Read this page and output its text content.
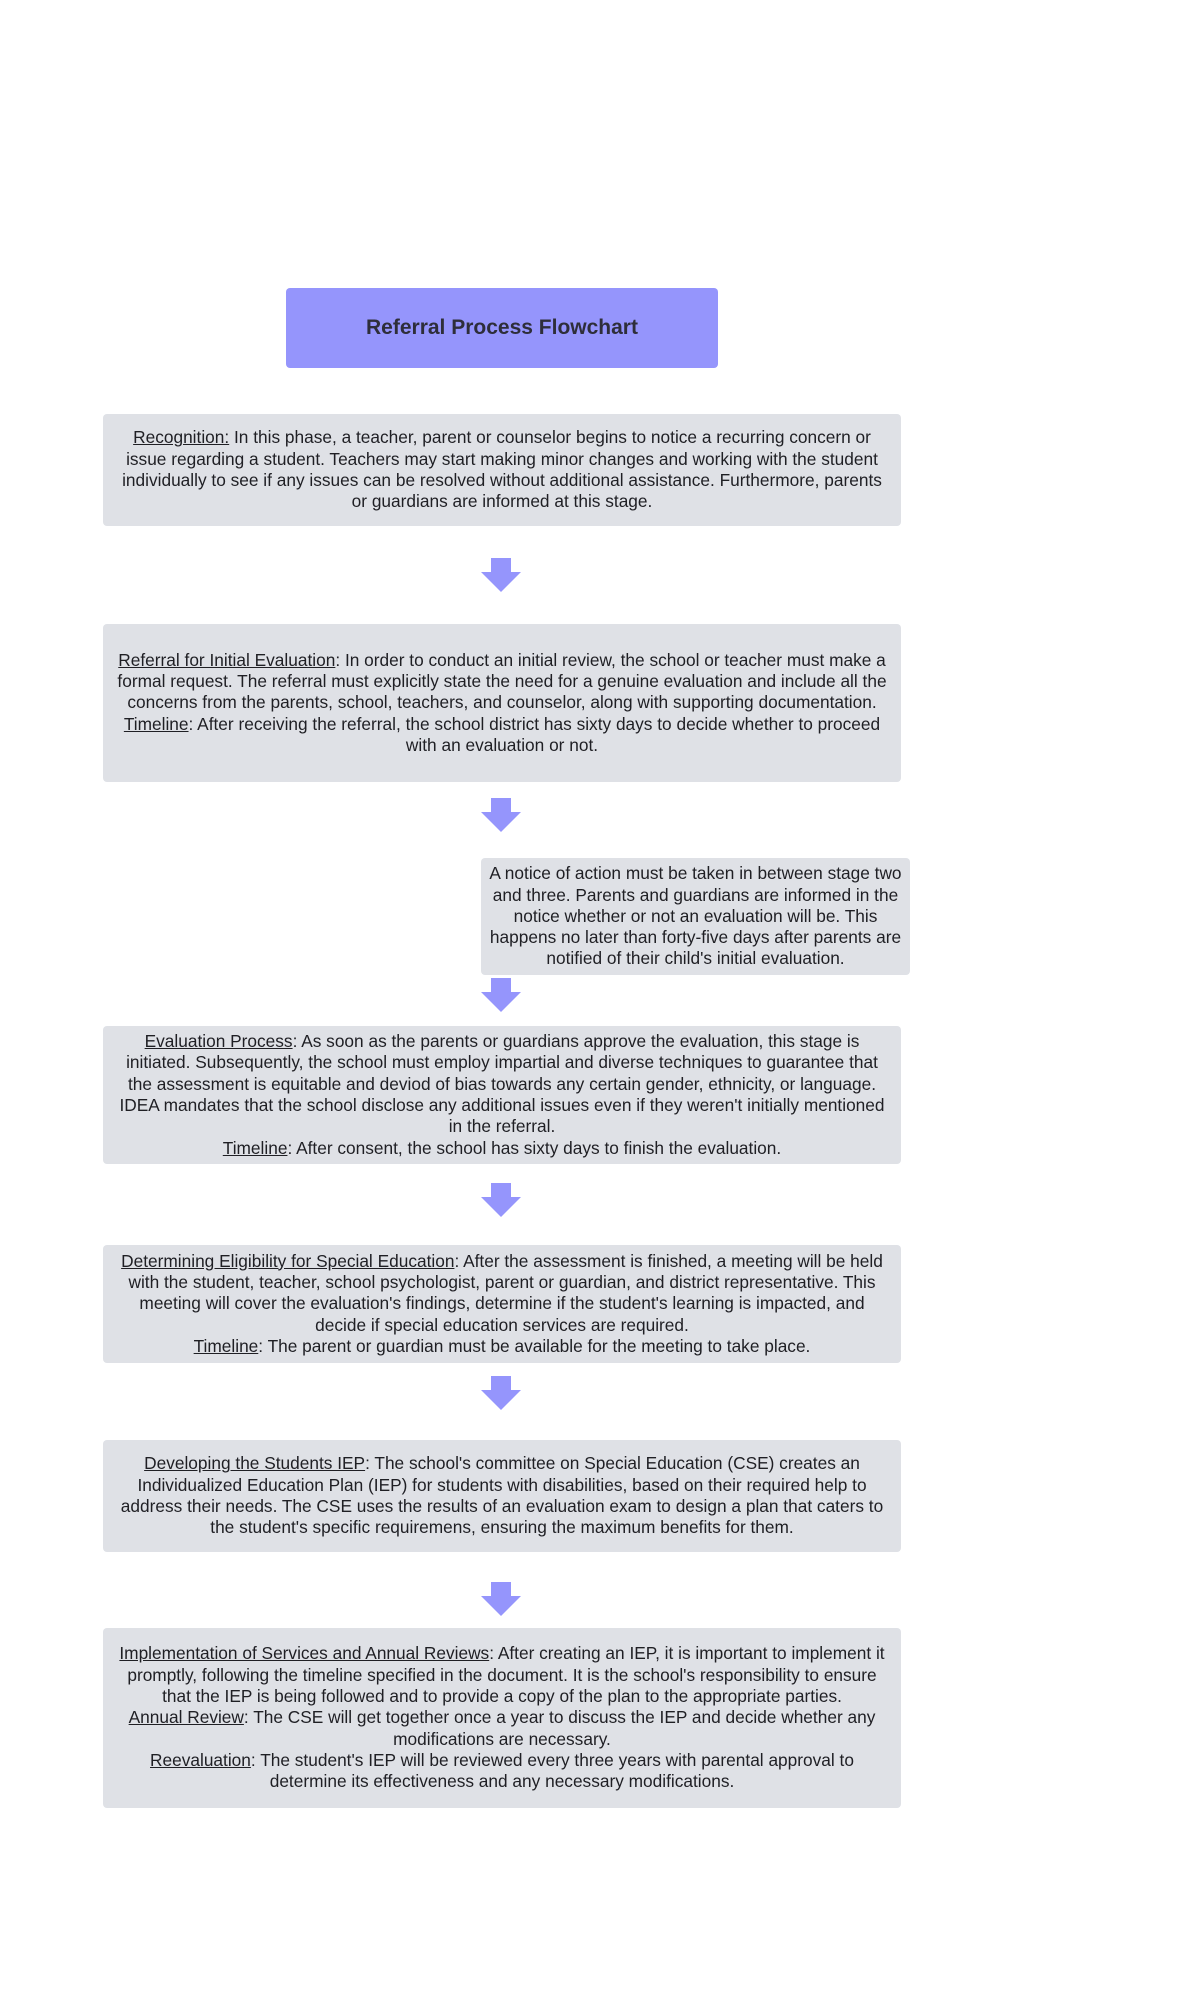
Referral Process Flowchart

Recognition: In this phase, a teacher, parent or counselor begins to notice a recurring concern or issue regarding a student. Teachers may start making minor changes and working with the student individually to see if any issues can be resolved without additional assistance. Furthermore, parents or guardians are informed at this stage.

Referral for Initial Evaluation: In order to conduct an initial review, the school or teacher must make a formal request. The referral must explicitly state the need for a genuine evaluation and include all the concerns from the parents, school, teachers, and counselor, along with supporting documentation.

Timeline: After receiving the referral, the school district has sixty days to decide whether to proceed with an evaluation or not.

A notice of action must be taken in between stage two and three. Parents and guardians are informed in the notice whether or not an evaluation will be. This happens no later than forty-five days after parents are notified of their child's initial evaluation.

Evaluation Process: As soon as the parents or guardians approve the evaluation, this stage is initiated. Subsequently, the school must employ impartial and diverse techniques to guarantee that the assessment is equitable and deviod of bias towards any certain gender, ethnicity, or language. IDEA mandates that the school disclose any additional issues even if they weren't initially mentioned in the referral.

Timeline: After consent, the school has sixty days to finish the evaluation.

Determining Eligibility for Special Education: After the assessment is finished, a meeting will be held with the student, teacher, school psychologist, parent or guardian, and district representative. This meeting will cover the evaluation's findings, determine if the student's learning is impacted, and decide if special education services are required.

Timeline: The parent or guardian must be available for the meeting to take place.

Developing the Students IEP: The school's committee on Special Education (CSE) creates an Individualized Education Plan (IEP) for students with disabilities, based on their required help to address their needs. The CSE uses the results of an evaluation exam to design a plan that caters to the student's specific requiremens, ensuring the maximum benefits for them.

Implementation of Services and Annual Reviews: After creating an IEP, it is important to implement it promptly, following the timeline specified in the document. It is the school's responsibility to ensure that the IEP is being followed and to provide a copy of the plan to the appropriate parties.

Annual Review: The CSE will get together once a year to discuss the IEP and decide whether any modifications are necessary.

Reevaluation: The student's IEP will be reviewed every three years with parental approval to determine its effectiveness and any necessary modifications.
